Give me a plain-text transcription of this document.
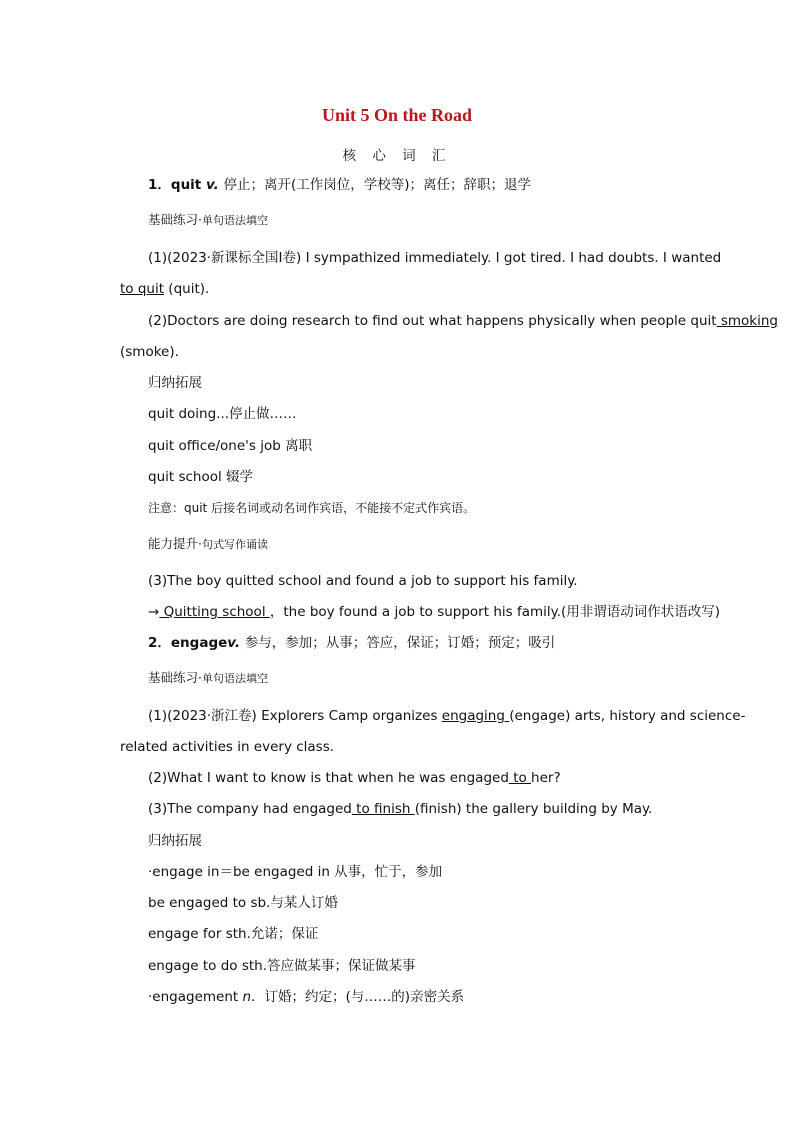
Unit 5 On the Road
核 心 词 汇
1．quit v. 停止；离开(工作岗位，学校等)；离任；辞职；退学
基础练习·单句语法填空
(1)(2023·新课标全国Ⅰ卷) I sympathized immediately. I got tired. I had doubts. I wanted
to quit (quit).
(2)Doctors are doing research to find out what happens physically when people quit smoking
(smoke).
归纳拓展
quit doing...停止做……
quit office/one's job 离职
quit school 辍学
注意：quit 后接名词或动名词作宾语，不能接不定式作宾语。
能力提升·句式写作诵读
(3)The boy quitted school and found a job to support his family.
→ Quitting school ，the boy found a job to support his family.(用非谓语动词作状语改写)
2．engagev. 参与，参加；从事；答应，保证；订婚；预定；吸引
基础练习·单句语法填空
(1)(2023·浙江卷) Explorers Camp organizes engaging (engage) arts, history and science-
related activities in every class.
(2)What I want to know is that when he was engaged to her?
(3)The company had engaged to finish (finish) the gallery building by May.
归纳拓展
·engage in＝be engaged in 从事，忙于，参加
be engaged to sb.与某人订婚
engage for sth.允诺；保证
engage to do sth.答应做某事；保证做某事
·engagement n．订婚；约定；(与……的)亲密关系
